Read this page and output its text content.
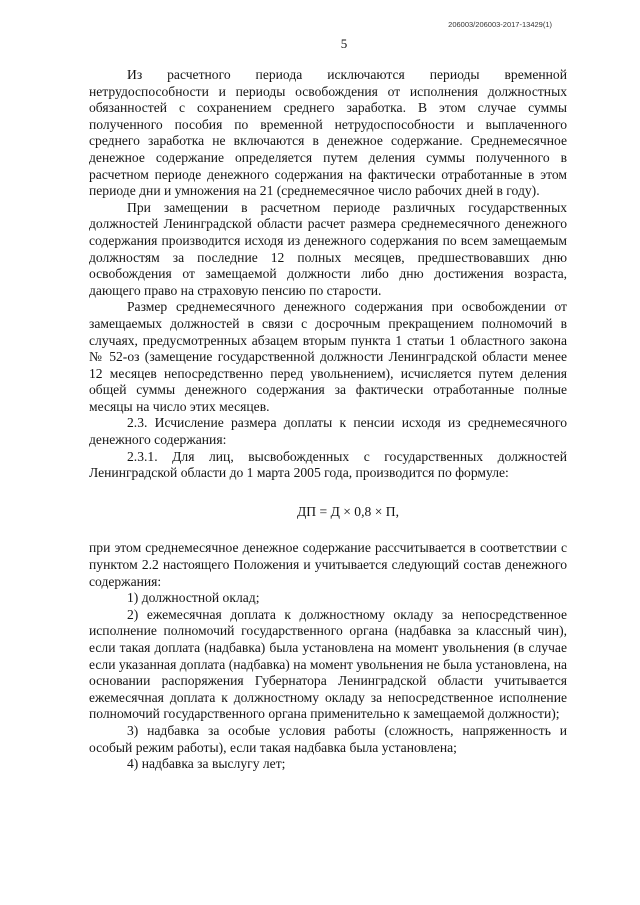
206003/206003-2017-13429(1)
5

Из расчетного периода исключаются периоды временной нетрудоспособности и периоды освобождения от исполнения должностных обязанностей с сохранением среднего заработка. В этом случае суммы полученного пособия по временной нетрудоспособности и выплаченного среднего заработка не включаются в денежное содержание. Среднемесячное денежное содержание определяется путем деления суммы полученного в расчетном периоде денежного содержания на фактически отработанные в этом периоде дни и умножения на 21 (среднемесячное число рабочих дней в году).

При замещении в расчетном периоде различных государственных должностей Ленинградской области расчет размера среднемесячного денежного содержания производится исходя из денежного содержания по всем замещаемым должностям за последние 12 полных месяцев, предшествовавших дню освобождения от замещаемой должности либо дню достижения возраста, дающего право на страховую пенсию по старости.

Размер среднемесячного денежного содержания при освобождении от замещаемых должностей в связи с досрочным прекращением полномочий в случаях, предусмотренных абзацем вторым пункта 1 статьи 1 областного закона № 52-оз (замещение государственной должности Ленинградской области менее 12 месяцев непосредственно перед увольнением), исчисляется путем деления общей суммы денежного содержания за фактически отработанные полные месяцы на число этих месяцев.

2.3. Исчисление размера доплаты к пенсии исходя из среднемесячного денежного содержания:

2.3.1. Для лиц, высвобожденных с государственных должностей Ленинградской области до 1 марта 2005 года, производится по формуле:

ДП = Д × 0,8 × П,

при этом среднемесячное денежное содержание рассчитывается в соответствии с пунктом 2.2 настоящего Положения и учитывается следующий состав денежного содержания:

1) должностной оклад;

2) ежемесячная доплата к должностному окладу за непосредственное исполнение полномочий государственного органа (надбавка за классный чин), если такая доплата (надбавка) была установлена на момент увольнения (в случае если указанная доплата (надбавка) на момент увольнения не была установлена, на основании распоряжения Губернатора Ленинградской области учитывается ежемесячная доплата к должностному окладу за непосредственное исполнение полномочий государственного органа применительно к замещаемой должности);

3) надбавка за особые условия работы (сложность, напряженность и особый режим работы), если такая надбавка была установлена;

4) надбавка за выслугу лет;
